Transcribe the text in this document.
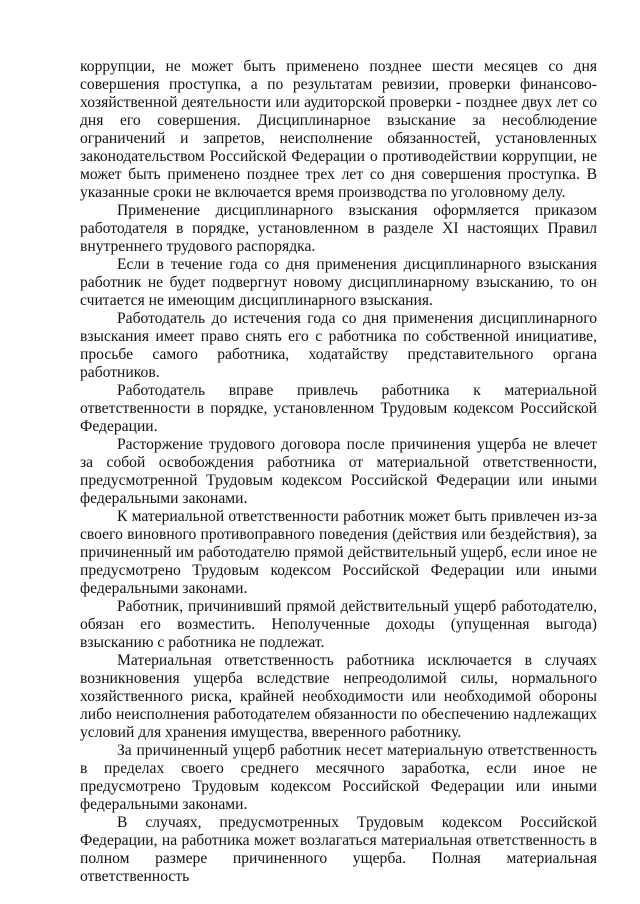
коррупции, не может быть применено позднее шести месяцев со дня совершения проступка, а по результатам ревизии, проверки финансово-хозяйственной деятельности или аудиторской проверки - позднее двух лет со дня его совершения. Дисциплинарное взыскание за несоблюдение ограничений и запретов, неисполнение обязанностей, установленных законодательством Российской Федерации о противодействии коррупции, не может быть применено позднее трех лет со дня совершения проступка. В указанные сроки не включается время производства по уголовному делу.

Применение дисциплинарного взыскания оформляется приказом работодателя в порядке, установленном в разделе XI настоящих Правил внутреннего трудового распорядка.

Если в течение года со дня применения дисциплинарного взыскания работник не будет подвергнут новому дисциплинарному взысканию, то он считается не имеющим дисциплинарного взыскания.

Работодатель до истечения года со дня применения дисциплинарного взыскания имеет право снять его с работника по собственной инициативе, просьбе самого работника, ходатайству представительного органа работников.

Работодатель вправе привлечь работника к материальной ответственности в порядке, установленном Трудовым кодексом Российской Федерации.

Расторжение трудового договора после причинения ущерба не влечет за собой освобождения работника от материальной ответственности, предусмотренной Трудовым кодексом Российской Федерации или иными федеральными законами.

К материальной ответственности работник может быть привлечен из-за своего виновного противоправного поведения (действия или бездействия), за причиненный им работодателю прямой действительный ущерб, если иное не предусмотрено Трудовым кодексом Российской Федерации или иными федеральными законами.

Работник, причинивший прямой действительный ущерб работодателю, обязан его возместить. Неполученные доходы (упущенная выгода) взысканию с работника не подлежат.

Материальная ответственность работника исключается в случаях возникновения ущерба вследствие непреодолимой силы, нормального хозяйственного риска, крайней необходимости или необходимой обороны либо неисполнения работодателем обязанности по обеспечению надлежащих условий для хранения имущества, вверенного работнику.

За причиненный ущерб работник несет материальную ответственность в пределах своего среднего месячного заработка, если иное не предусмотрено Трудовым кодексом Российской Федерации или иными федеральными законами.

В случаях, предусмотренных Трудовым кодексом Российской Федерации, на работника может возлагаться материальная ответственность в полном размере причиненного ущерба. Полная материальная ответственность
